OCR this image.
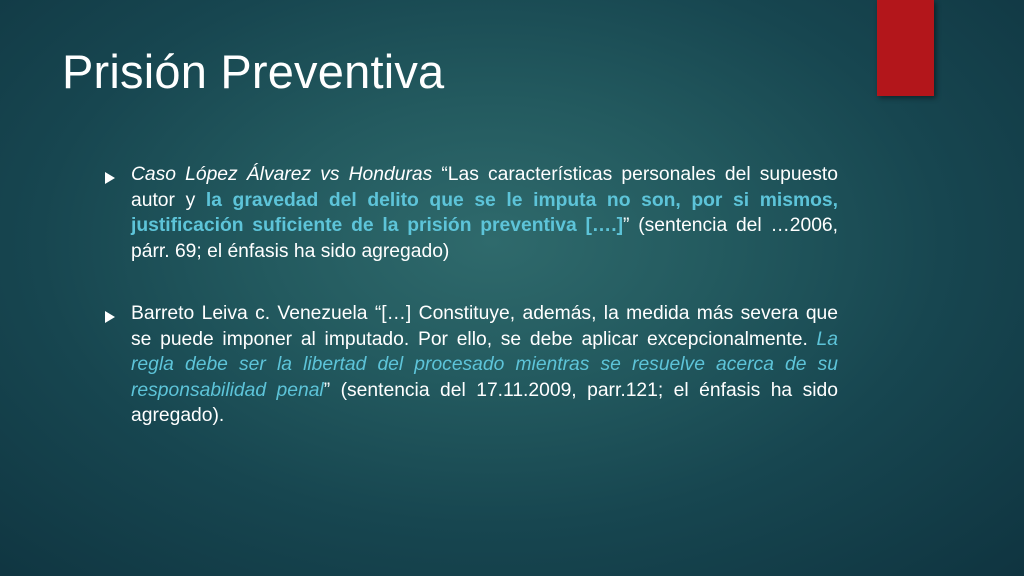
Prisión Preventiva
Caso López Álvarez vs Honduras “Las características personales del supuesto autor y la gravedad del delito que se le imputa no son, por si mismos, justificación suficiente de la prisión preventiva [….]” (sentencia del …2006, párr. 69; el énfasis ha sido agregado)
Barreto Leiva c. Venezuela “[…] Constituye, además, la medida más severa que se puede imponer al imputado. Por ello, se debe aplicar excepcionalmente. La regla debe ser la libertad del procesado mientras se resuelve acerca de su responsabilidad penal” (sentencia del 17.11.2009, parr.121; el énfasis ha sido agregado).
